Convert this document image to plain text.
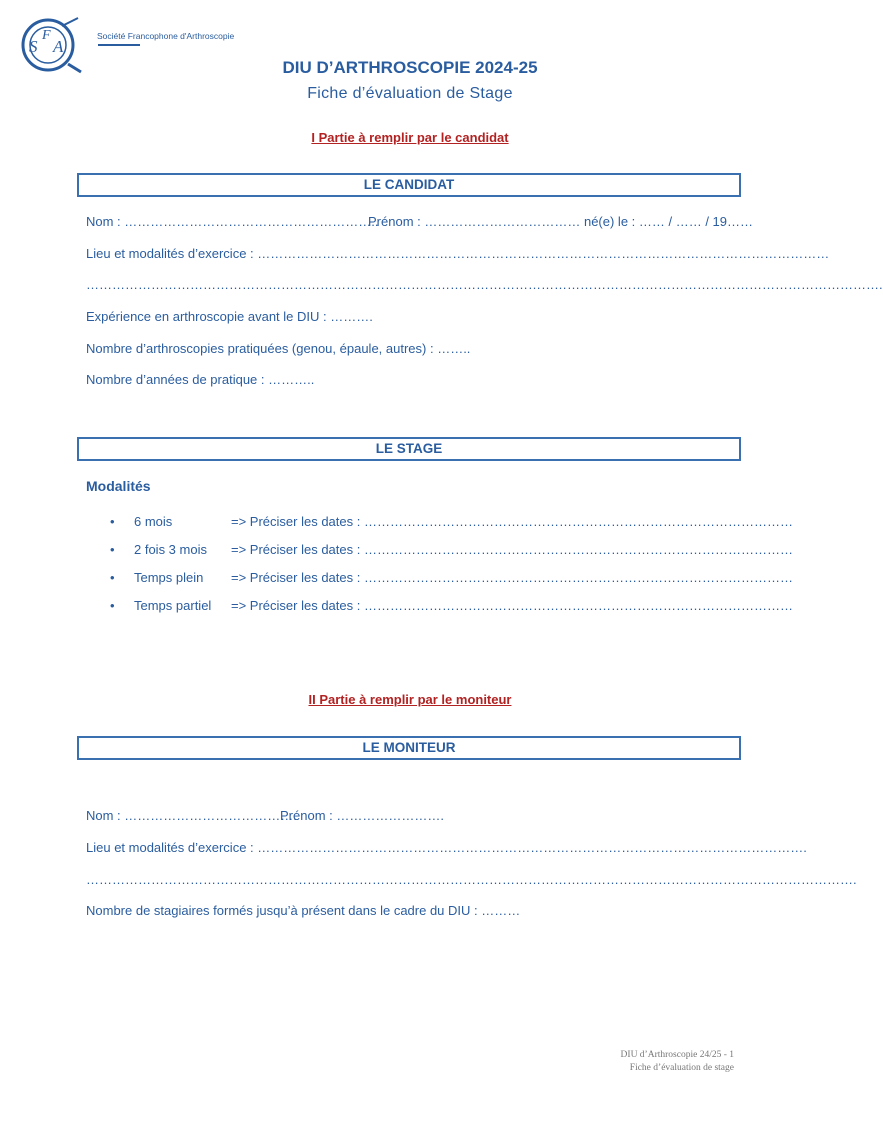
S
F
A
Société Francophone d'Arthroscopie
DIU D’ARTHROSCOPIE 2024-25
Fiche d’évaluation de Stage
I Partie à remplir par le candidat
LE CANDIDAT
Nom : …………………………………………………..
Prénom : ……………………………… né(e) le : …… / …… / 19……
Lieu et modalités d’exercice : ……………………………………………………………………………………………………………………
………………………………………………………………………………………………………………………………………………………………….
Expérience en arthroscopie avant le DIU : ……….
Nombre d’arthroscopies pratiquées (genou, épaule, autres) : ……..
Nombre d’années de pratique : ………..
LE STAGE
Modalités
• 6 mois	=> Préciser les dates : ………………………………………………………………………………………
• 2 fois 3 mois => Préciser les dates : ………………………………………………………………………………………
• Temps plein => Préciser les dates : ………………………………………………………………………………………
• Temps partiel => Préciser les dates : ………………………………………………………………………………………
II Partie à remplir par le moniteur
LE MONITEUR
Nom : ………………………………….
Prénom : …………………….
Lieu et modalités d’exercice : ……………………………………………………………………………………………………………….
…………………………………………………………………………………………………………………………………………………………….
Nombre de stagiaires formés jusqu’à présent dans le cadre du DIU : ………
DIU d’Arthroscopie 24/25 - 1
Fiche d’évaluation de stage
